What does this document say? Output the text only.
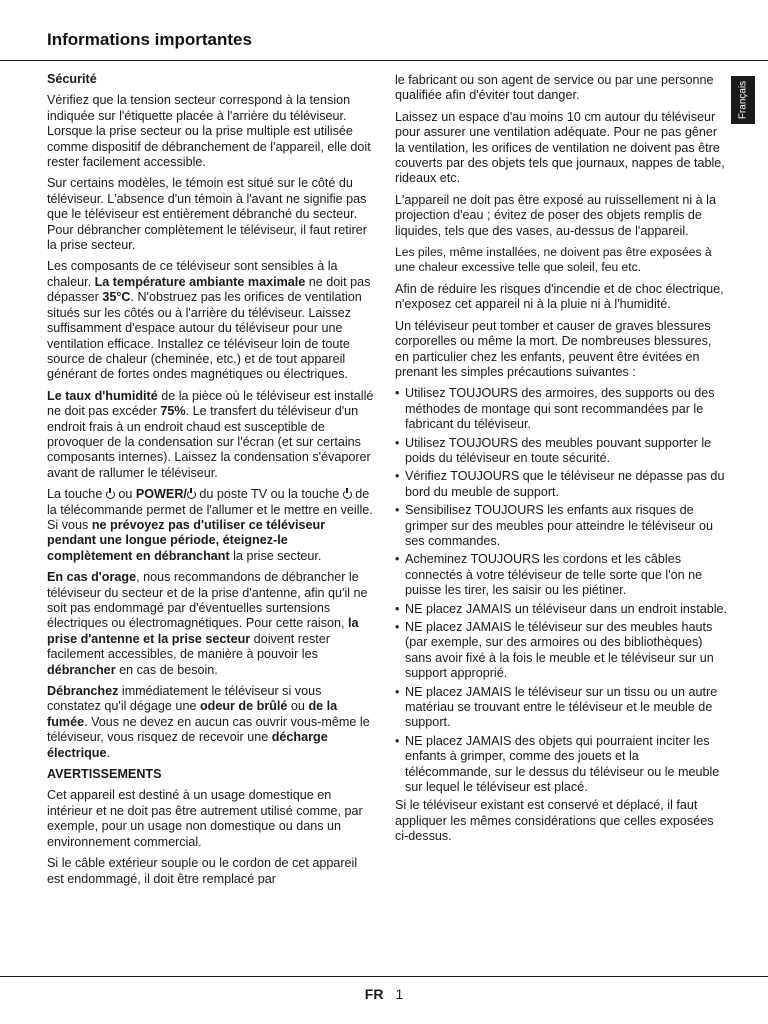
Informations importantes
Français
Sécurité

Vérifiez que la tension secteur correspond à la tension indiquée sur l'étiquette placée à l'arrière du téléviseur. Lorsque la prise secteur ou la prise multiple est utilisée comme dispositif de débranchement de l'appareil, elle doit rester facilement accessible.

Sur certains modèles, le témoin est situé sur le côté du téléviseur. L'absence d'un témoin à l'avant ne signifie pas que le téléviseur est entièrement débranché du secteur. Pour débrancher complètement le téléviseur, il faut retirer la prise secteur.

Les composants de ce téléviseur sont sensibles à la chaleur. La température ambiante maximale ne doit pas dépasser 35°C. N'obstruez pas les orifices de ventilation situés sur les côtés ou à l'arrière du téléviseur. Laissez suffisamment d'espace autour du téléviseur pour une ventilation efficace. Installez ce téléviseur loin de toute source de chaleur (cheminée, etc.) et de tout appareil générant de fortes ondes magnétiques ou électriques.

Le taux d'humidité de la pièce où le téléviseur est installé ne doit pas excéder 75%. Le transfert du téléviseur d'un endroit frais à un endroit chaud est susceptible de provoquer de la condensation sur l'écran (et sur certains composants internes). Laissez la condensation s'évaporer avant de rallumer le téléviseur.

La touche  ou POWER/ du poste TV ou la touche  de la télécommande permet de l'allumer et le mettre en veille. Si vous ne prévoyez pas d'utiliser ce téléviseur pendant une longue période, éteignez-le complètement en débranchant la prise secteur.

En cas d'orage, nous recommandons de débrancher le téléviseur du secteur et de la prise d'antenne, afin qu'il ne soit pas endommagé par d'éventuelles surtensions électriques ou électromagnétiques. Pour cette raison, la prise d'antenne et la prise secteur doivent rester facilement accessibles, de manière à pouvoir les débrancher en cas de besoin.

Débranchez immédiatement le téléviseur si vous constatez qu'il dégage une odeur de brûlé ou de la fumée. Vous ne devez en aucun cas ouvrir vous-même le téléviseur, vous risquez de recevoir une décharge électrique.

AVERTISSEMENTS

Cet appareil est destiné à un usage domestique en intérieur et ne doit pas être autrement utilisé comme, par exemple, pour un usage non domestique ou dans un environnement commercial.

Si le câble extérieur souple ou le cordon de cet appareil est endommagé, il doit être remplacé par

le fabricant ou son agent de service ou par une personne qualifiée afin d'éviter tout danger.

Laissez un espace d'au moins 10 cm autour du téléviseur pour assurer une ventilation adéquate. Pour ne pas gêner la ventilation, les orifices de ventilation ne doivent pas être couverts par des objets tels que journaux, nappes de table, rideaux etc.

L'appareil ne doit pas être exposé au ruissellement ni à la projection d'eau ; évitez de poser des objets remplis de liquides, tels que des vases, au-dessus de l'appareil.

Les piles, même installées, ne doivent pas être exposées à une chaleur excessive telle que soleil, feu etc.

Afin de réduire les risques d'incendie et de choc électrique, n'exposez cet appareil ni à la pluie ni à l'humidité.

Un téléviseur peut tomber et causer de graves blessures corporelles ou même la mort. De nombreuses blessures, en particulier chez les enfants, peuvent être évitées en prenant les simples précautions suivantes :

• Utilisez TOUJOURS des armoires, des supports ou des méthodes de montage qui sont recommandées par le fabricant du téléviseur.
• Utilisez TOUJOURS des meubles pouvant supporter le poids du téléviseur en toute sécurité.
• Vérifiez TOUJOURS que le téléviseur ne dépasse pas du bord du meuble de support.
• Sensibilisez TOUJOURS les enfants aux risques de grimper sur des meubles pour atteindre le téléviseur ou ses commandes.
• Acheminez TOUJOURS les cordons et les câbles connectés à votre téléviseur de telle sorte que l'on ne puisse les tirer, les saisir ou les piétiner.
• NE placez JAMAIS un téléviseur dans un endroit instable.
• NE placez JAMAIS le téléviseur sur des meubles hauts (par exemple, sur des armoires ou des bibliothèques) sans avoir fixé à la fois le meuble et le téléviseur sur un support approprié.
• NE placez JAMAIS le téléviseur sur un tissu ou un autre matériau se trouvant entre le téléviseur et le meuble de support.
• NE placez JAMAIS des objets qui pourraient inciter les enfants à grimper, comme des jouets et la télécommande, sur le dessus du téléviseur ou le meuble sur lequel le téléviseur est placé.

Si le téléviseur existant est conservé et déplacé, il faut appliquer les mêmes considérations que celles exposées ci-dessus.

FR 1
